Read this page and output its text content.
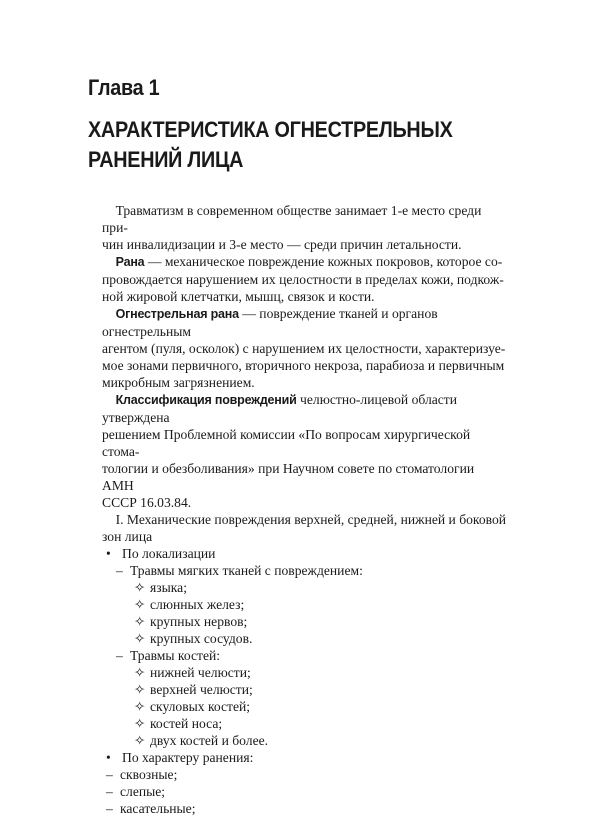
Глава 1
ХАРАКТЕРИСТИКА ОГНЕСТРЕЛЬНЫХ
РАНЕНИЙ ЛИЦА

 Травматизм в современном обществе занимает 1-е место среди при-

чин инвалидизации и 3-е место — среди причин летальности.

 Рана — механическое повреждение кожных покровов, которое со-

провождается нарушением их целостности в пределах кожи, подкож-

ной жировой клетчатки, мышц, связок и кости.

 Огнестрельная рана — повреждение тканей и органов огнестрельным

агентом (пуля, осколок) с нарушением их целостности, характеризуе-

мое зонами первичного, вторичного некроза, парабиоза и первичным

микробным загрязнением.

 Классификация повреждений челюстно-лицевой области утверждена

решением Проблемной комиссии «По вопросам хирургической стома-

тологии и обезболивания» при Научном совете по стоматологии АМН

СССР 16.03.84.

 I. Механические повреждения верхней, средней, нижней и боковой

зон лица

• По локализации

– Травмы мягких тканей с повреждением:

✧ языка;

✧ слюнных желез;

✧ крупных нервов;

✧ крупных сосудов.

– Травмы костей:

✧ нижней челюсти;

✧ верхней челюсти;

✧ скуловых костей;

✧ костей носа;

✧ двух костей и более.

• По характеру ранения:

– сквозные;

– слепые;

– касательные;
